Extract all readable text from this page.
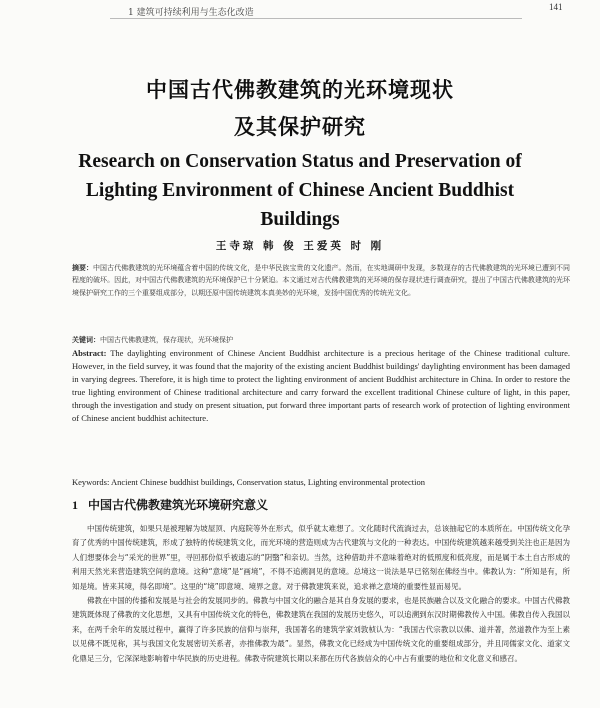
1 建筑可持续利用与生态化改造
141
中国古代佛教建筑的光环境现状
及其保护研究
Research on Conservation Status and Preservation of
Lighting Environment of Chinese Ancient Buddhist
Buildings
王寺琼 韩 俊 王爱英 时 刚
摘要：中国古代佛教建筑的光环境蕴含着中国的传统文化，是中华民族宝贵的文化遗产。然而，在实地调研中发现，多数现存的古代佛教建筑的光环境已遭到不同程度的破坏。因此，对中国古代佛教建筑的光环境保护已十分紧迫。本文通过对古代佛教建筑的光环境的保存现状进行调查研究，提出了中国古代佛教建筑的光环境保护研究工作的三个重要组成部分，以期还原中国传统建筑本真美妙的光环境，发扬中国优秀的传统光文化。
关键词：中国古代佛教建筑，保存现状，光环境保护
Abstract: The daylighting environment of Chinese Ancient Buddhist architecture is a precious heritage of the Chinese traditional culture. However, in the field survey, it was found that the majority of the existing ancient Buddhist buildings' daylighting environment has been damaged in varying degrees. Therefore, it is high time to protect the lighting environment of ancient Buddhist architecture in China. In order to restore the true lighting environment of Chinese traditional architecture and carry forward the excellent traditional Chinese culture of light, in this paper, through the investigation and study on present situation, put forward three important parts of research work of protection of lighting environment of Chinese ancient buddhist achitecture.
Keywords: Ancient Chinese buddhist buildings, Conservation status, Lighting environmental protection
1 中国古代佛教建筑光环境研究意义

中国传统建筑，如果只是被理解为坡屋顶、内庭院等外在形式，似乎就太难想了。文化随时代流淌过去，总该抽起它的本质所在。中国传统文化孕育了优秀的中国传统建筑，形成了独特的传统建筑文化，而光环境的营造则成为古代建筑与文化的一种表达。中国传统建筑越来越受到关注也正是因为人们想要体会与“采光的世界”里，寻回那份似乎被遗忘的“阴翳”和亲切。当然，这种借助并不意味着绝对的低照度和低亮度，而是属于本土自古形成的利用天然光来营造建筑空间的意境。这种“意境”是“画境”，不得不追溯洞见的意境。总境这一说法是早已铭刻在佛经当中。佛教认为：“所知是有，所知是境。皆来其境，得名即境”。这里的“境”即意境、境界之意。对于佛教建筑来说，追求禅之意境的重要性显而易见。

佛教在中国的传播和发展是与社会的发展同步的。佛教与中国文化的融合是其自身发展的要求，也是民族融合以及文化融合的要求。中国古代佛教建筑既体现了佛教的文化思想，又具有中国传统文化的特色，佛教建筑在我国的发展历史悠久，可以追溯到东汉时期佛教传入中国。佛教自传入我国以来，在两千余年的发展过程中，赢得了许多民族的信仰与崇拜，我国著名的建筑学家刘敦桢认为：“我国古代宗教以以佛、道并著，然道教作为至上素以见佛不既见称，其与我国文化发展密切关系者，亦推佛教为最”。显然，佛教文化已经成为中国传统文化的重要组成部分，并且同儒家文化、道家文化鼎足三分，它深深地影响着中华民族的历史进程。佛教寺院建筑长期以来都在历代各族信众的心中占有重要的地位和文化意义和感召。
